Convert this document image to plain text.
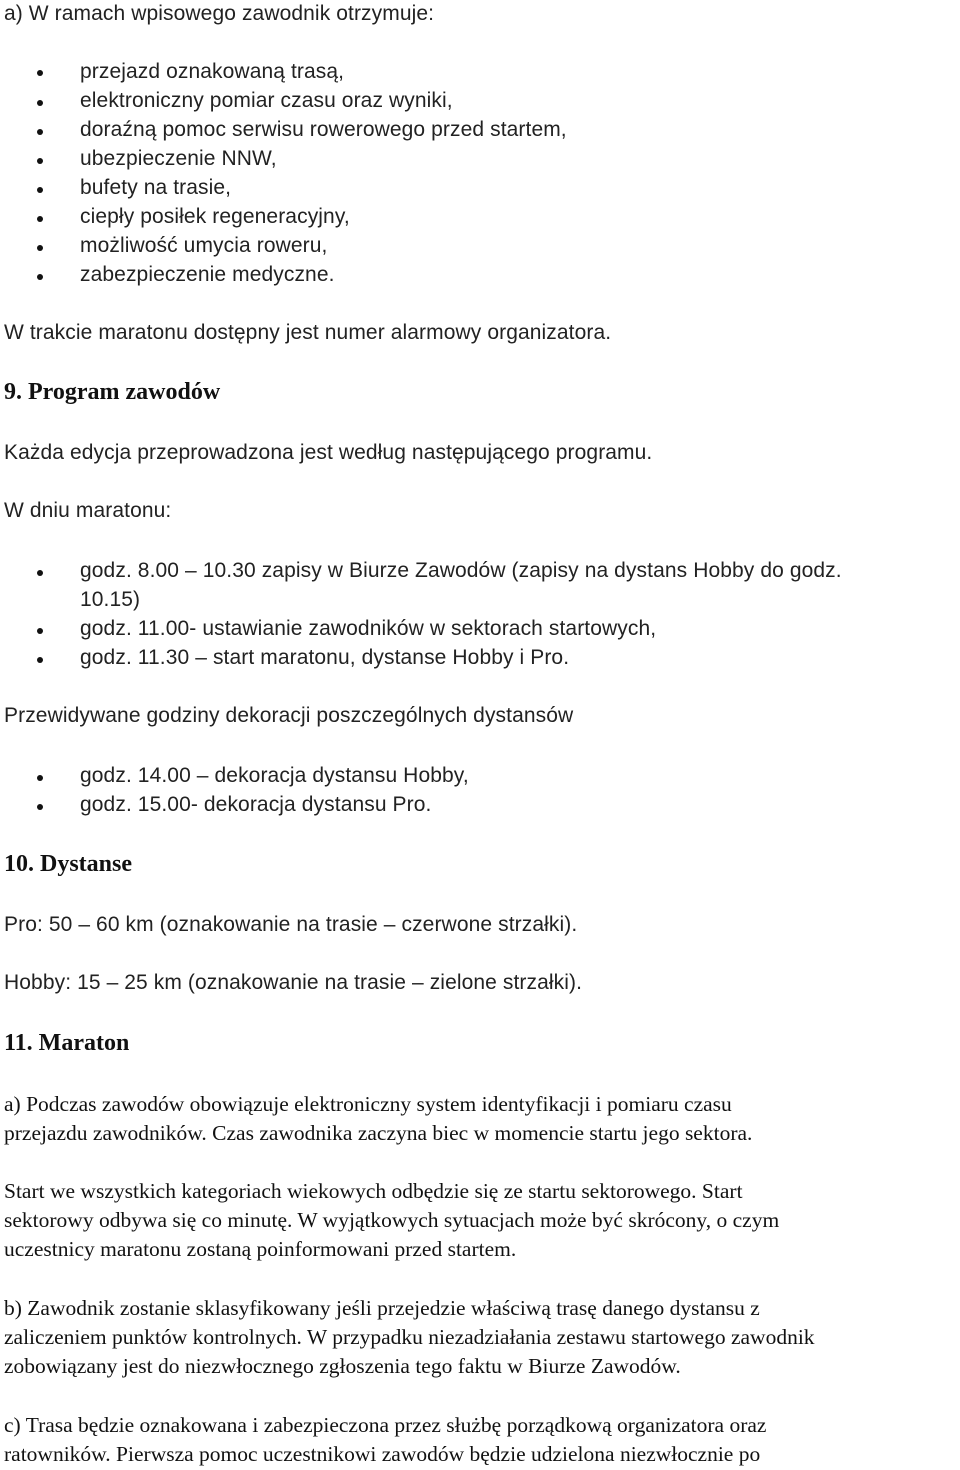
a) W ramach wpisowego zawodnik otrzymuje:
przejazd oznakowaną trasą,
elektroniczny pomiar czasu oraz wyniki,
doraźną pomoc serwisu rowerowego przed startem,
ubezpieczenie NNW,
bufety na trasie,
ciepły posiłek regeneracyjny,
możliwość umycia roweru,
zabezpieczenie medyczne.
W trakcie maratonu dostępny jest numer alarmowy organizatora.
9. Program zawodów
Każda edycja przeprowadzona jest według następującego programu.
W dniu maratonu:
godz. 8.00 – 10.30 zapisy w Biurze Zawodów (zapisy na dystans Hobby do godz.
10.15)
godz. 11.00- ustawianie zawodników w sektorach startowych,
godz. 11.30 – start maratonu, dystanse Hobby i Pro.
Przewidywane godziny dekoracji poszczególnych dystansów
godz. 14.00 – dekoracja dystansu Hobby,
godz. 15.00- dekoracja dystansu Pro.
10. Dystanse
Pro: 50 – 60 km (oznakowanie na trasie – czerwone strzałki).
Hobby: 15 – 25 km (oznakowanie na trasie – zielone strzałki).
11. Maraton
a) Podczas zawodów obowiązuje elektroniczny system identyfikacji i pomiaru czasu
przejazdu zawodników. Czas zawodnika zaczyna biec w momencie startu jego sektora.
Start we wszystkich kategoriach wiekowych odbędzie się ze startu sektorowego. Start
sektorowy odbywa się co minutę. W wyjątkowych sytuacjach może być skrócony, o czym
uczestnicy maratonu zostaną poinformowani przed startem.
b) Zawodnik zostanie sklasyfikowany jeśli przejedzie właściwą trasę danego dystansu z
zaliczeniem punktów kontrolnych. W przypadku niezadziałania zestawu startowego zawodnik
zobowiązany jest do niezwłocznego zgłoszenia tego faktu w Biurze Zawodów.
c) Trasa będzie oznakowana i zabezpieczona przez służbę porządkową organizatora oraz
ratowników. Pierwsza pomoc uczestnikowi zawodów będzie udzielona niezwłocznie po
